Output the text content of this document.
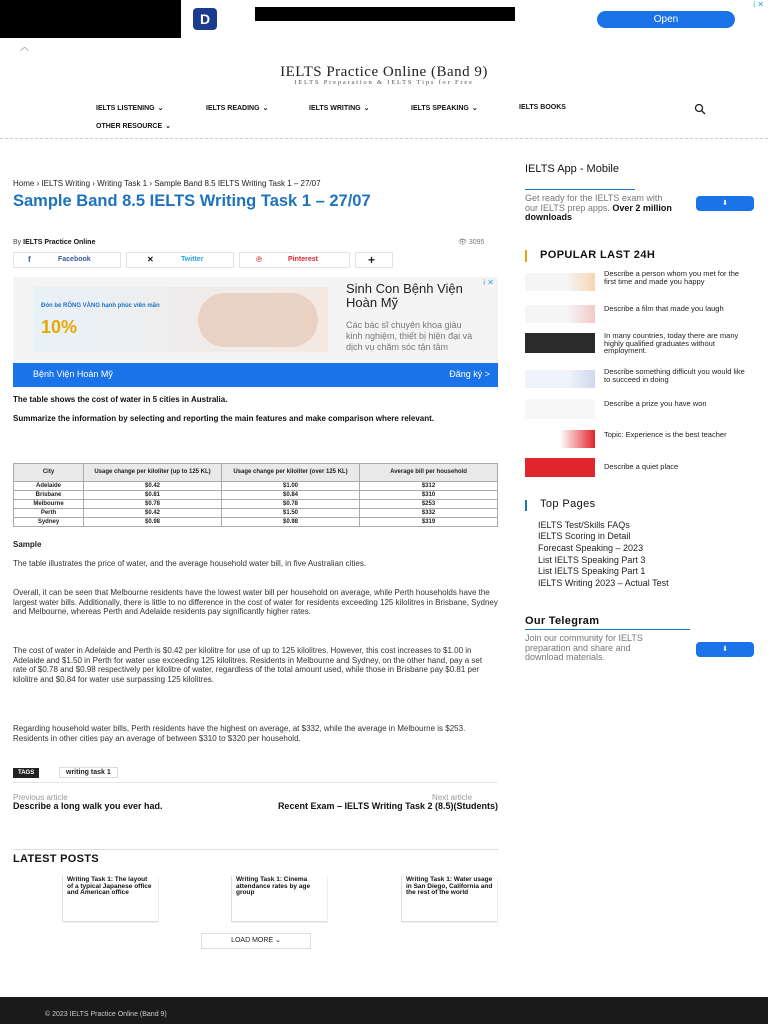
D	Open
i ✕
︿
IELTS Practice Online (Band 9)
IELTS Preparation & IELTS Tips for Free
IELTS LISTENING ⌄	IELTS READING ⌄	IELTS WRITING ⌄	IELTS SPEAKING ⌄	IELTS BOOKS
OTHER RESOURCE ⌄
Home › IELTS Writing › Writing Task 1 › Sample Band 8.5 IELTS Writing Task 1 – 27/07
Sample Band 8.5 IELTS Writing Task 1 – 27/07
By IELTS Practice Online	👁 3095
f	Facebook	✕	Twitter	℗	Pinterest	+
Đón bé RỒNG VÀNG hạnh phúc viên mãn
10%
Sinh Con Bệnh Viện Hoàn Mỹ
Các bác sĩ chuyên khoa giàu kinh nghiệm, thiết bị hiện đại và dịch vụ chăm sóc tận tâm
Bệnh Viện Hoàn Mỹ	Đăng ký >
i ✕
The table shows the cost of water in 5 cities in Australia.
Summarize the information by selecting and reporting the main features and make comparison where relevant.
City	Usage change per kiloliter (up to 125 KL)	Usage change per kiloliter (over 125 KL)	Average bill per household
Adelaide	$0.42	$1.00	$312
Brisbane	$0.81	$0.84	$310
Melbourne	$0.78	$0.78	$253
Perth	$0.42	$1.50	$332
Sydney	$0.98	$0.98	$319
Sample
The table illustrates the price of water, and the average household water bill, in five Australian cities.
Overall, it can be seen that Melbourne residents have the lowest water bill per household on average, while Perth households have the largest water bills. Additionally, there is little to no difference in the cost of water for residents exceeding 125 kilolitres in Brisbane, Sydney and Melbourne, whereas Perth and Adelaide residents pay significantly higher rates.
The cost of water in Adelaide and Perth is $0.42 per kilolitre for use of up to 125 kilolitres. However, this cost increases to $1.00 in Adelaide and $1.50 in Perth for water use exceeding 125 kilolitres. Residents in Melbourne and Sydney, on the other hand, pay a set rate of $0.78 and $0.98 respectively per kilolitre of water, regardless of the total amount used, while those in Brisbane pay $0.81 per kilolitre and $0.84 for water use surpassing 125 kilolitres.
Regarding household water bills, Perth residents have the highest on average, at $332, while the average in Melbourne is $253. Residents in other cities pay an average of between $310 to $320 per household.
TAGS	writing task 1
Previous article	Next article
Describe a long walk you ever had.	Recent Exam – IELTS Writing Task 2 (8.5)(Students)
LATEST POSTS
Writing Task 1: The layout of a typical Japanese office and American office
Writing Task 1: Cinema attendance rates by age group
Writing Task 1: Water usage in San Diego, California and the rest of the world
LOAD MORE ⌄
IELTS App - Mobile
Get ready for the IELTS exam with our IELTS prep apps. Over 2 million downloads
⬇
POPULAR LAST 24H
Describe a person whom you met for the first time and made you happy
Describe a film that made you laugh
In many countries, today there are many highly qualified graduates without employment.
Describe something difficult you would like to succeed in doing
Describe a prize you have won
Topic: Experience is the best teacher
Describe a quiet place
Top Pages
IELTS Test/Skills FAQs
IELTS Scoring in Detail
Forecast Speaking – 2023
List IELTS Speaking Part 3
List IELTS Speaking Part 1
IELTS Writing 2023 – Actual Test
Our Telegram
Join our community for IELTS preparation and share and download materials.
⬇
© 2023 IELTS Practice Online (Band 9)
